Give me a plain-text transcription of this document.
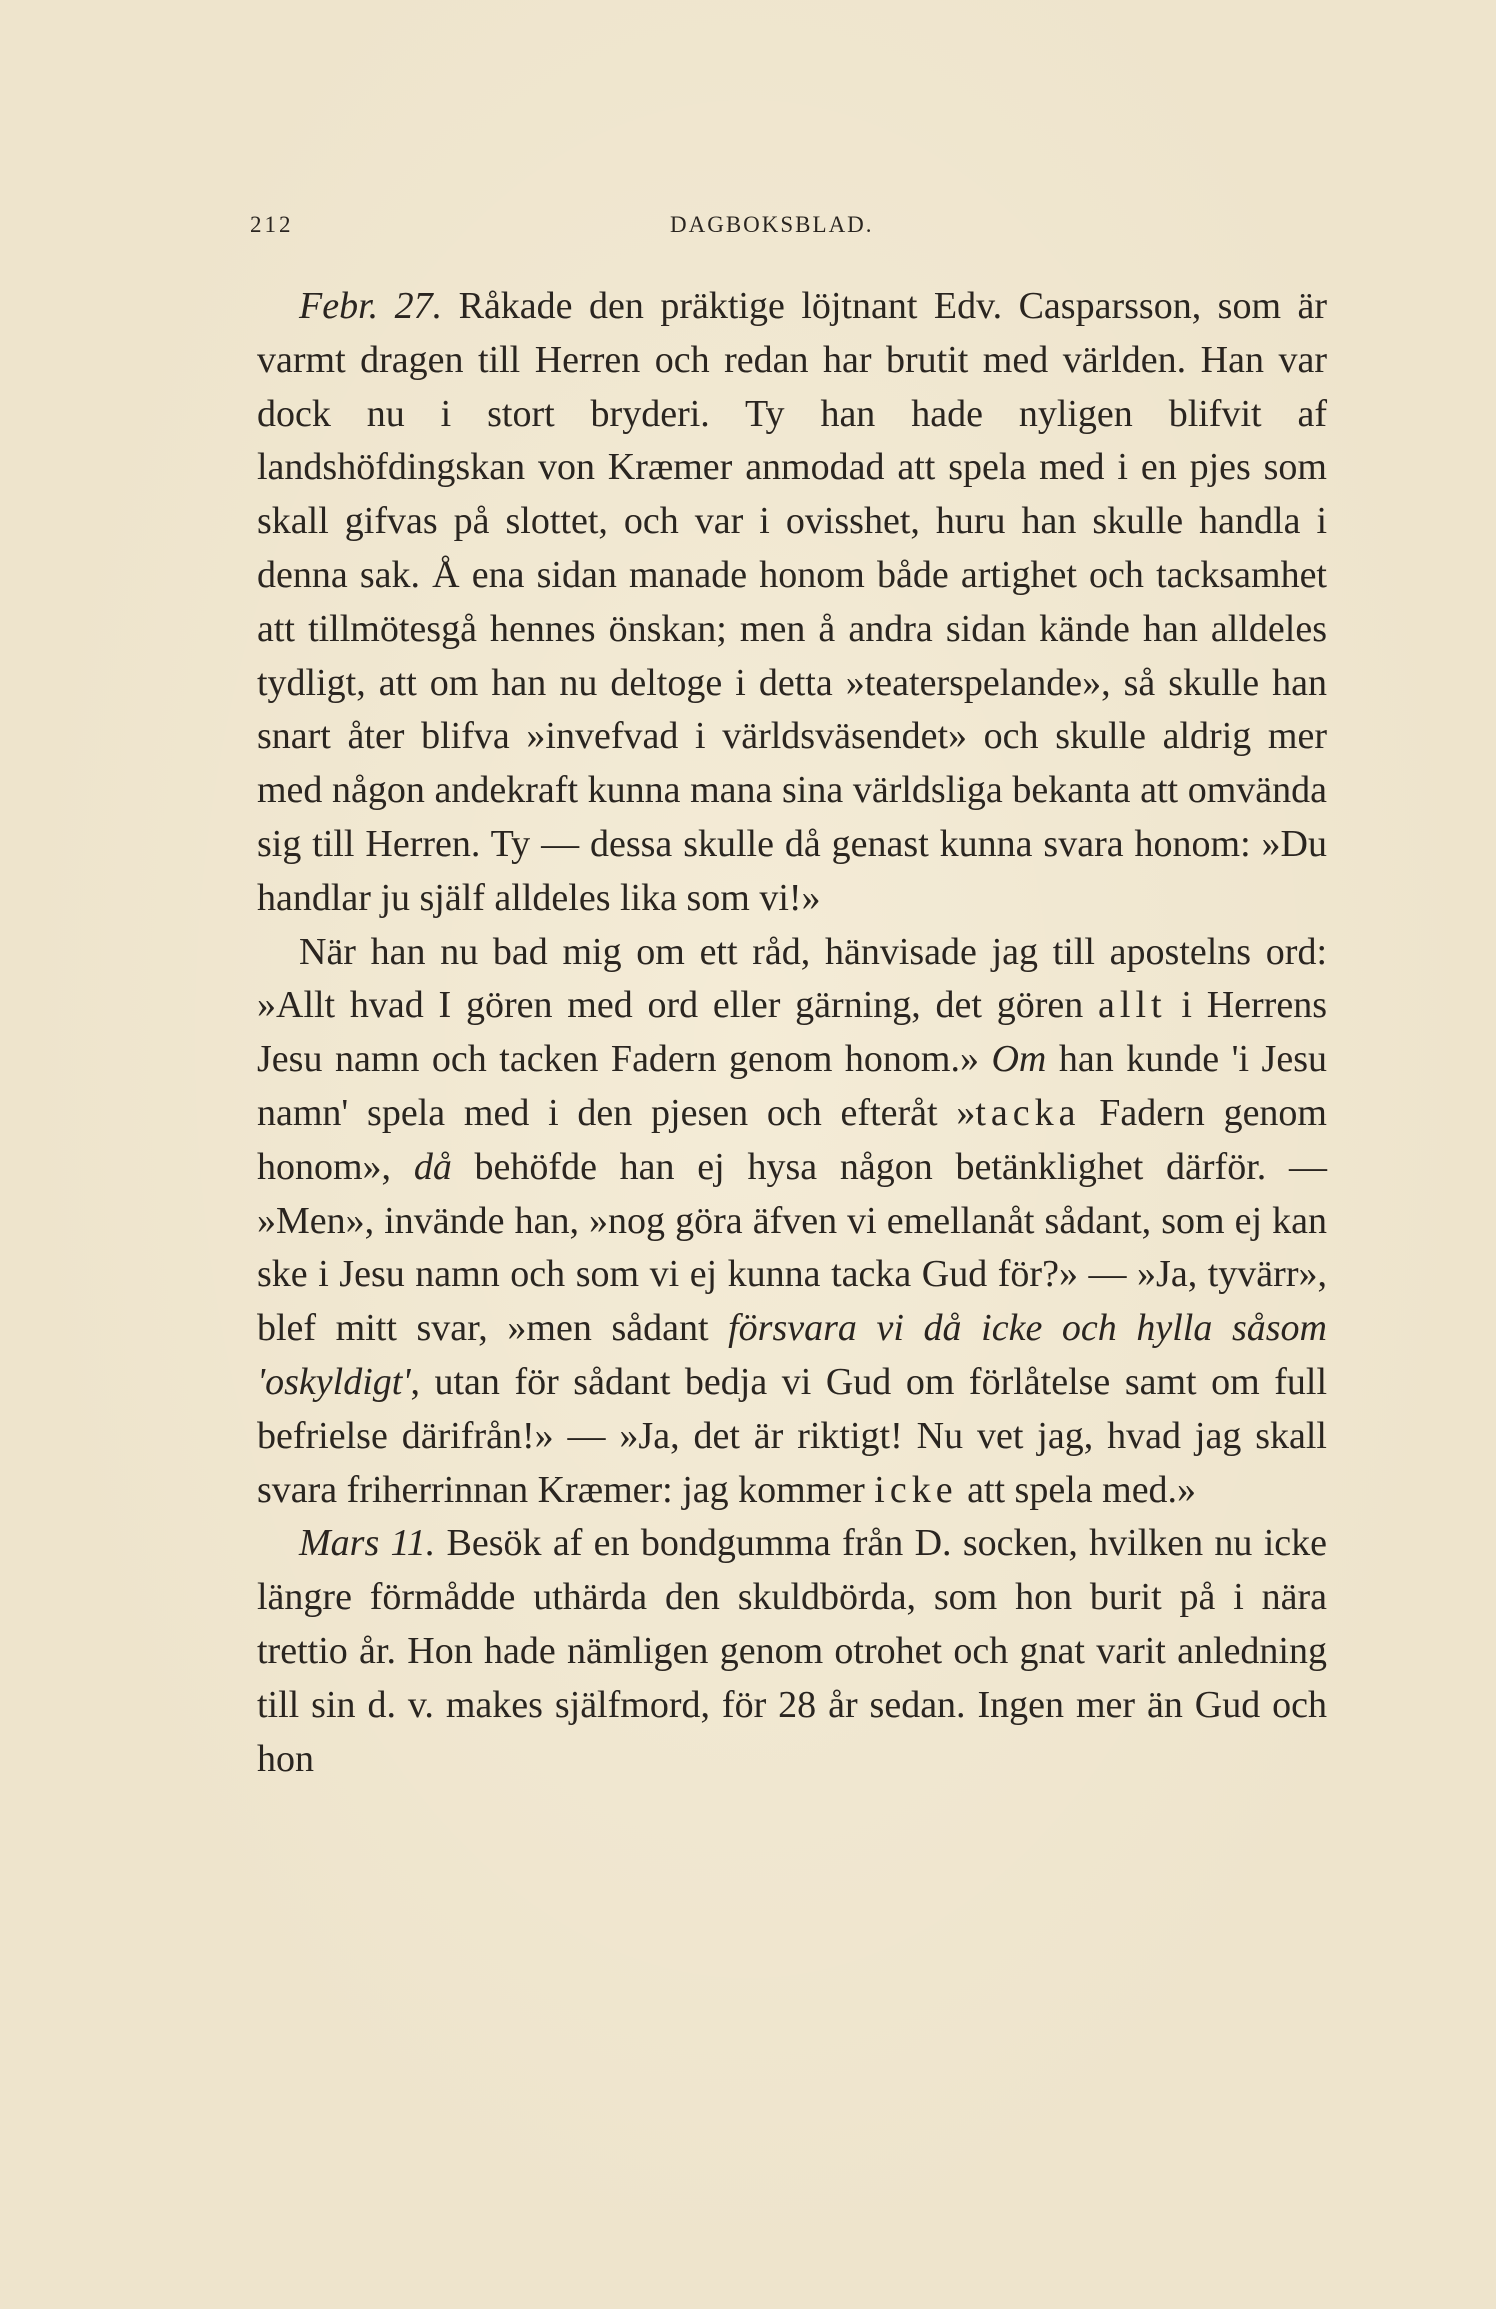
212	DAGBOKSBLAD.

Febr. 27. Råkade den präktige löjtnant Edv. Casparsson, som är varmt dragen till Herren och redan har brutit med världen. Han var dock nu i stort bryderi. Ty han hade nyligen blifvit af landshöfdingskan von Kræmer anmodad att spela med i en pjes som skall gifvas på slottet, och var i ovisshet, huru han skulle handla i denna sak. Å ena sidan manade honom både artighet och tacksamhet att tillmötesgå hennes önskan; men å andra sidan kände han alldeles tydligt, att om han nu deltoge i detta »teaterspelande», så skulle han snart åter blifva »invefvad i världsväsendet» och skulle aldrig mer med någon andekraft kunna mana sina världsliga bekanta att omvända sig till Herren. Ty — dessa skulle då genast kunna svara honom: »Du handlar ju själf alldeles lika som vi!»

När han nu bad mig om ett råd, hänvisade jag till apostelns ord: »Allt hvad I gören med ord eller gärning, det gören allt i Herrens Jesu namn och tacken Fadern genom honom.» Om han kunde 'i Jesu namn' spela med i den pjesen och efteråt »tacka Fadern genom honom», då behöfde han ej hysa någon betänklighet därför. — »Men», invände han, »nog göra äfven vi emellanåt sådant, som ej kan ske i Jesu namn och som vi ej kunna tacka Gud för?» — »Ja, tyvärr», blef mitt svar, »men sådant försvara vi då icke och hylla såsom 'oskyldigt', utan för sådant bedja vi Gud om förlåtelse samt om full befrielse därifrån!» — »Ja, det är riktigt! Nu vet jag, hvad jag skall svara friherrinnan Kræmer: jag kommer icke att spela med.»

Mars 11. Besök af en bondgumma från D. socken, hvilken nu icke längre förmådde uthärda den skuldbörda, som hon burit på i nära trettio år. Hon hade nämligen genom otrohet och gnat varit anledning till sin d. v. makes själfmord, för 28 år sedan. Ingen mer än Gud och hon
